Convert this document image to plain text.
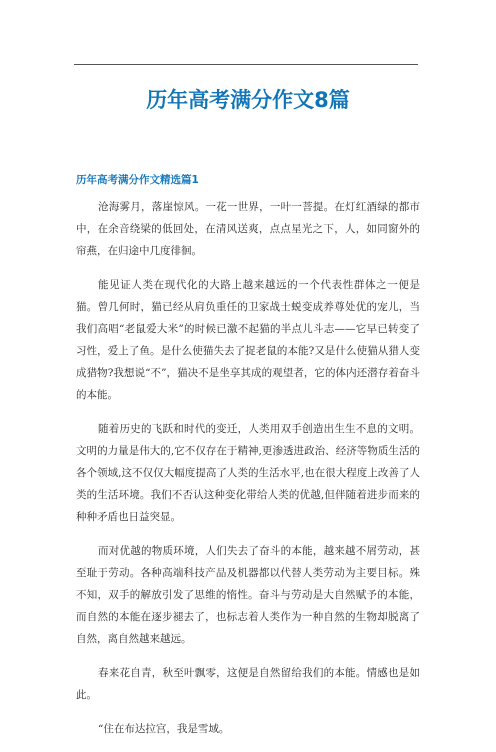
历年高考满分作文8篇
历年高考满分作文精选篇1

沧海雾月，落崖惊风。一花一世界，一叶一菩提。在灯红酒绿的都市中，在余音绕梁的低回处，在清风送爽，点点星光之下，人，如同窗外的帘燕，在归途中几度徘徊。

能见证人类在现代化的大路上越来越远的一个代表性群体之一便是猫。曾几何时，猫已经从肩负重任的卫家战士蜕变成养尊处优的宠儿，当我们高唱“老鼠爱大米”的时候已激不起猫的半点儿斗志——它早已转变了习性，爱上了鱼。是什么使猫失去了捉老鼠的本能?又是什么使猫从猎人变成猎物?我想说“不”，猫决不是坐享其成的观望者，它的体内还潜存着奋斗的本能。

随着历史的飞跃和时代的变迁，人类用双手创造出生生不息的文明。文明的力量是伟大的,它不仅存在于精神,更渗透进政治、经济等物质生活的各个领域,这不仅仅大幅度提高了人类的生活水平,也在很大程度上改善了人类的生活环境。我们不否认这种变化带给人类的优越,但伴随着进步而来的种种矛盾也日益突显。

而对优越的物质环境，人们失去了奋斗的本能，越来越不屑劳动，甚至耻于劳动。各种高端科技产品及机器都以代替人类劳动为主要目标。殊不知，双手的解放引发了思维的惰性。奋斗与劳动是大自然赋予的本能，而自然的本能在逐步褪去了，也标志着人类作为一种自然的生物却脱离了自然，离自然越来越远。

春来花自青，秋至叶飘零，这便是自然留给我们的本能。情感也是如此。

“住在布达拉宫，我是雪域。
